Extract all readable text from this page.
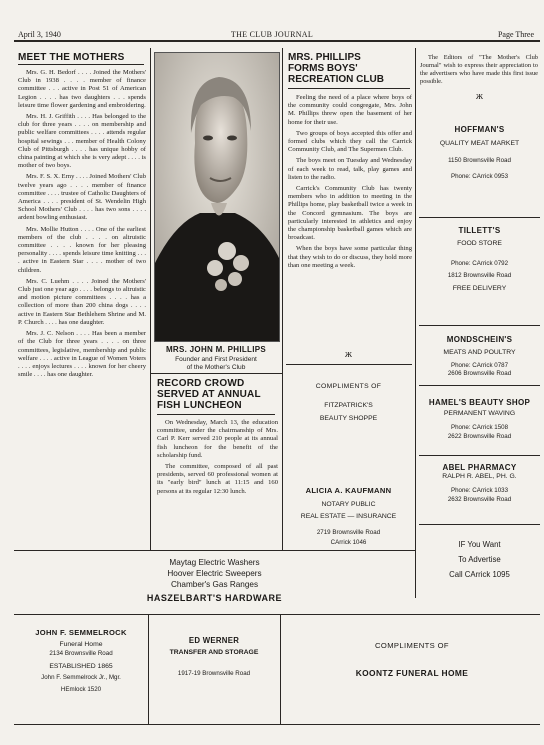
April 3, 1940	THE CLUB JOURNAL	Page Three
MEET THE MOTHERS

Mrs. G. H. Bedorf . . . . Joined the Mothers' Club in 1938 . . . . member of finance committee . . . active in Post 51 of American Legion . . . . has two daughters . . . spends leisure time flower gardening and embroidering.

Mrs. H. J. Griffith . . . . Has belonged to the club for three years . . . . on membership and public welfare committees . . . . attends regular hospital sewings . . . member of Health Colony Club of Pittsburgh . . . . has unique hobby of china painting at which she is very adept . . . . is mother of two boys.

Mrs. F. S. X. Erny . . . . Joined Mothers' Club twelve years ago . . . . member of finance committee . . . . trustee of Catholic Daughters of America . . . . president of St. Wendelin High School Mothers' Club . . . . has two sons . . . . ardent bowling enthusiast.

Mrs. Mollie Hutton . . . . One of the earliest members of the club . . . . on altruistic committee . . . . known for her pleasing personality . . . . spends leisure time knitting . . . . active in Eastern Star . . . . mother of two children.

Mrs. C. Luehm . . . . Joined the Mothers' Club just one year ago . . . . belongs to altruistic and motion picture committees . . . . has a collection of more than 200 china dogs . . . . active in Eastern Star Bethlehem Shrine and M. P. Church . . . . has one daughter.

Mrs. J. C. Nelson . . . . Has been a member of the Club for three years . . . . on three committees, legislative, membership and public welfare . . . . active in League of Women Voters . . . . enjoys lectures . . . . known for her cheery smile . . . . has one daughter.

MRS. JOHN M. PHILLIPS
Founder and First President
of the Mother's Club
RECORD CROWD
SERVED AT ANNUAL
FISH LUNCHEON

On Wednesday, March 13, the education committee, under the chairmanship of Mrs. Carl P. Kerr served 210 people at its annual fish luncheon for the benefit of the scholarship fund.

The committee, composed of all past presidents, served 60 professional women at its "early bird" lunch at 11:15 and 160 persons at its regular 12:30 lunch.

MRS. PHILLIPS
FORMS BOYS'
RECREATION CLUB

Feeling the need of a place where boys of the community could congregate, Mrs. John M. Phillips threw open the basement of her home for their use.

Two groups of boys accepted this offer and formed clubs which they call the Carrick Community Club, and The Supermen Club.

The boys meet on Tuesday and Wednesday of each week to read, talk, play games and listen to the radio.

Carrick's Community Club has twenty members who in addition to meeting in the Phillips home, play basketball twice a week in the Concord gymnasium. The boys are particularly interested in athletics and enjoy the championship basketball games which are broadcast.

When the boys have some particular thing that they wish to do or discuss, they hold more than one meeting a week.

ж
COMPLIMENTS OF
FITZPATRICK'S
BEAUTY SHOPPE
ALICIA A. KAUFMANN
NOTARY PUBLIC
REAL ESTATE — INSURANCE
2719 Brownsville Road
CArrick 1046

The Editors of "The Mother's Club Journal" wish to express their appreciation to the advertisers who have made this first issue possible.

ж
HOFFMAN'S
QUALITY MEAT MARKET
1150 Brownsville Road
Phone: CArrick 0953
TILLETT'S
FOOD STORE
Phone: CArrick 0792
1812 Brownsville Road
FREE DELIVERY
MONDSCHEIN'S
MEATS AND POULTRY
Phone: CArrick 0787
2606 Brownsville Road
HAMEL'S BEAUTY SHOP
PERMANENT WAVING
Phone: CArrick 1508
2622 Brownsville Road
ABEL PHARMACY
RALPH R. ABEL, PH. G.
Phone: CArrick 1033
2632 Brownsville Road
IF You Want
To Advertise
Call CArrick 1095
Maytag Electric Washers
Hoover Electric Sweepers
Chamber's Gas Ranges
HASZELBART'S HARDWARE
JOHN F. SEMMELROCK
Funeral Home
2134 Brownsville Road
ESTABLISHED 1865
John F. Semmelrock Jr., Mgr.
HEmlock 1520
ED WERNER
TRANSFER AND STORAGE
1917-19 Brownsville Road
COMPLIMENTS OF
KOONTZ FUNERAL HOME
